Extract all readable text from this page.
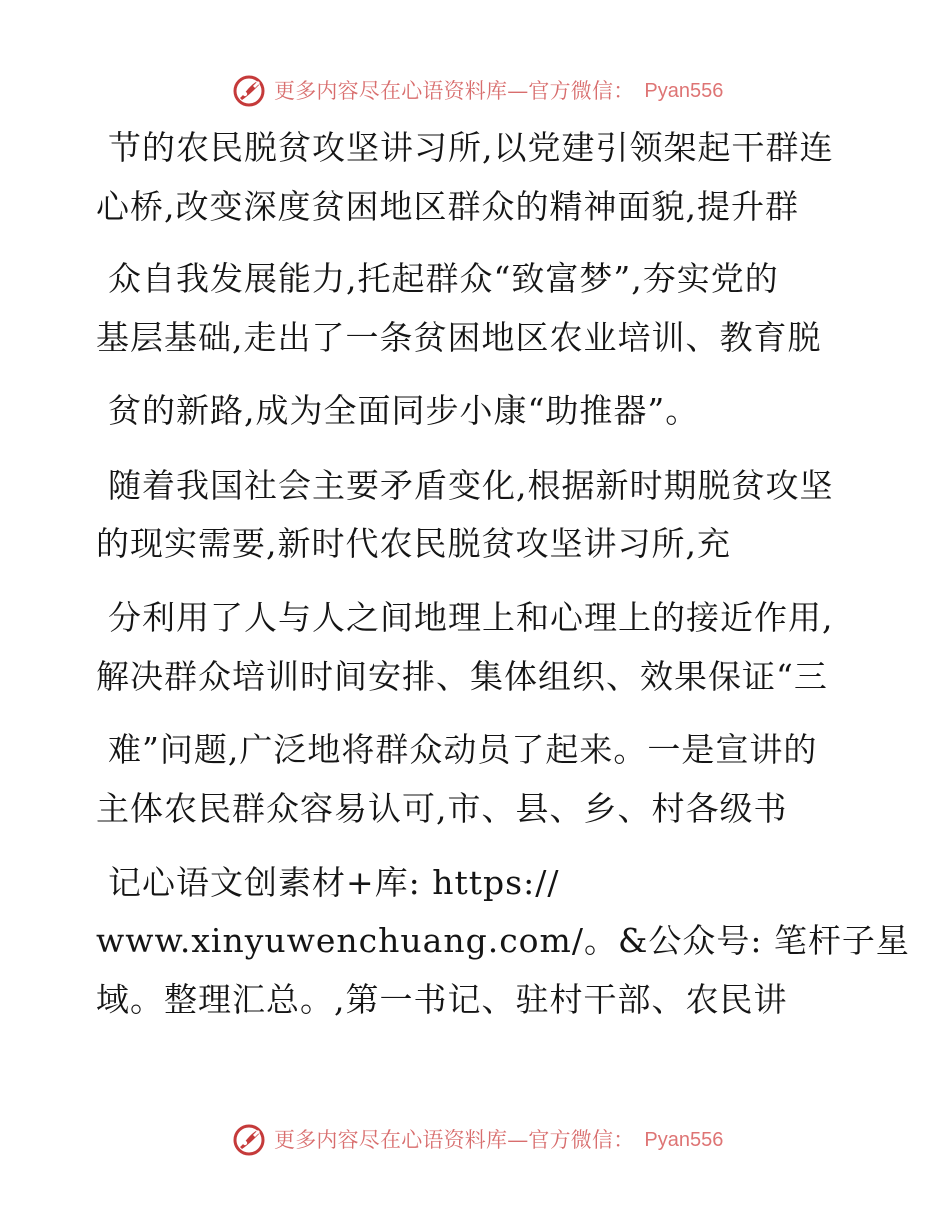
更多内容尽在心语资料库—官方微信： Pyan556
节的农民脱贫攻坚讲习所,以党建引领架起干群连
心桥,改变深度贫困地区群众的精神面貌,提升群
众自我发展能力,托起群众“致富梦”,夯实党的
基层基础,走出了一条贫困地区农业培训、教育脱
贫的新路,成为全面同步小康“助推器”。
随着我国社会主要矛盾变化,根据新时期脱贫攻坚
的现实需要,新时代农民脱贫攻坚讲习所,充
分利用了人与人之间地理上和心理上的接近作用,
解决群众培训时间安排、集体组织、效果保证“三
难”问题,广泛地将群众动员了起来。一是宣讲的
主体农民群众容易认可,市、县、乡、村各级书
记心语文创素材+库: https://
www.xinyuwenchuang.com/。&公众号: 笔杆子星
域。整理汇总。,第一书记、驻村干部、农民讲
更多内容尽在心语资料库—官方微信： Pyan556
